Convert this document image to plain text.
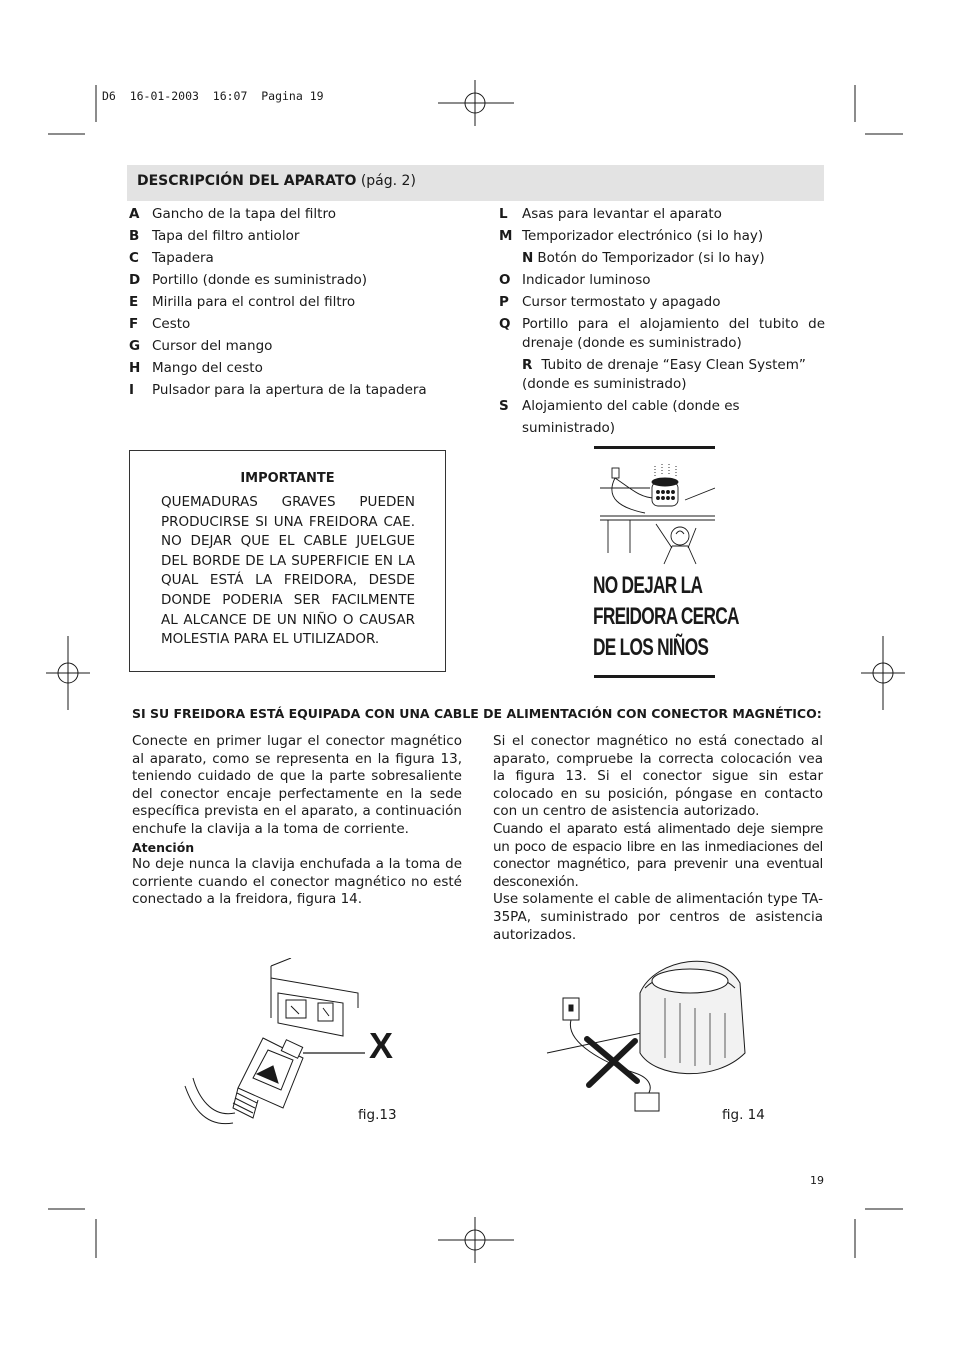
D6  16-01-2003  16:07  Pagina 19
DESCRIPCIÓN DEL APARATO (pág. 2)
A Gancho de la tapa del filtro
B Tapa del filtro antiolor
C Tapadera
D Portillo (donde es suministrado)
E Mirilla para el control del filtro
F Cesto
G Cursor del mango
H Mango del cesto
I Pulsador para la apertura de la tapadera
L Asas para levantar el aparato
M Temporizador electrónico (si lo hay)
N Botón do Temporizador (si lo hay)
O Indicador luminoso
P Cursor termostato y apagado
Q Portillo para el alojamiento del tubito de drenaje (donde es suministrado)
R Tubito de drenaje “Easy Clean System” (donde es suministrado)
S Alojamiento del cable (donde es suministrado)
IMPORTANTE
QUEMADURAS GRAVES PUEDEN PRODUCIRSE SI UNA FREIDORA CAE. NO DEJAR QUE EL CABLE JUELGUE DEL BORDE DE LA SUPERFICIE EN LA QUAL ESTÁ LA FREIDORA, DESDE DONDE PODERIA SER FACILMENTE AL ALCANCE DE UN NIÑO O CAUSAR MOLESTIA PARA EL UTILIZADOR.
NO DEJAR LA
FREIDORA CERCA
DE LOS NIÑOS
SI SU FREIDORA ESTÁ EQUIPADA CON UNA CABLE DE ALIMENTACIÓN CON CONECTOR MAGNÉTICO:
Conecte en primer lugar el conector magnético al aparato, como se representa en la figura 13, teniendo cuidado de que la parte sobresaliente del conector encaje perfectamente en la sede específica prevista en el aparato, a continuación enchufe la clavija a la toma de corriente.
Atención
No deje nunca la clavija enchufada a la toma de corriente cuando el conector magnético no esté conectado a la freidora, figura 14.
Si el conector magnético no está conectado al aparato, compruebe la correcta colocación vea la figura 13. Si el conector sigue sin estar colocado en su posición, póngase en contacto con un centro de asistencia autorizado.
Cuando el aparato está alimentado deje siempre un poco de espacio libre en las inmediaciones del conector magnético, para prevenir una eventual desconexión.
Use solamente el cable de alimentación type TA-35PA, suministrado por centros de asistencia autorizados.
X
fig.13	fig. 14
19
